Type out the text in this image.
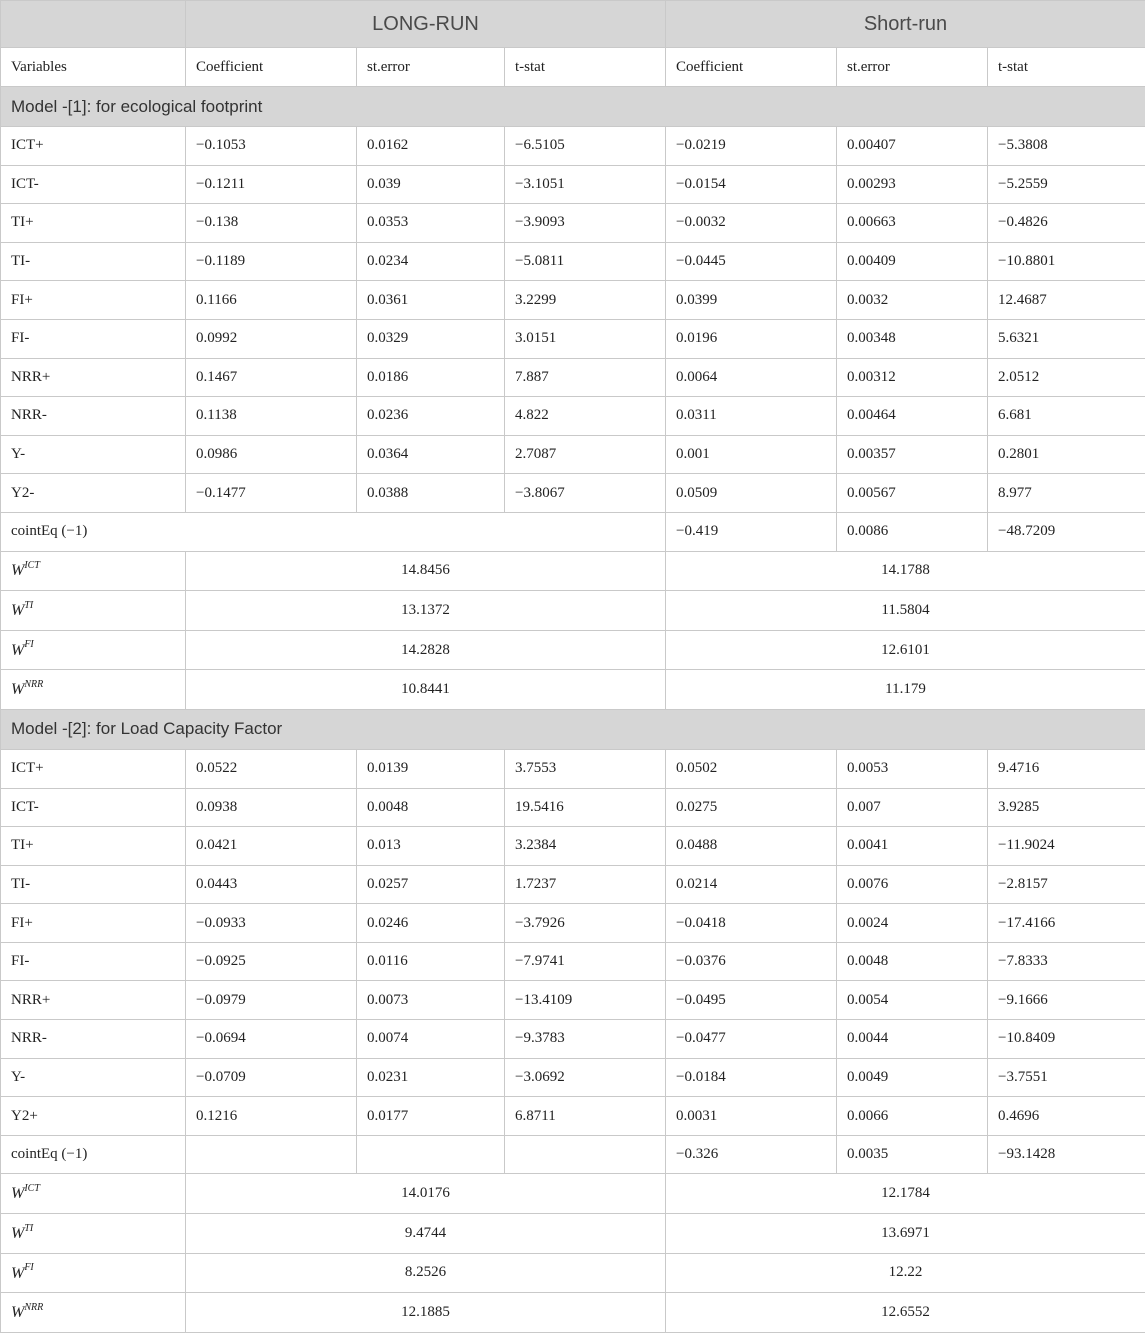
	LONG-RUN			Short-run		
Variables	Coefficient	st.error	t-stat	Coefficient	st.error	t-stat
Model -[1]: for ecological footprint						
ICT+	−0.1053	0.0162	−6.5105	−0.0219	0.00407	−5.3808
ICT-	−0.1211	0.039	−3.1051	−0.0154	0.00293	−5.2559
TI+	−0.138	0.0353	−3.9093	−0.0032	0.00663	−0.4826
TI-	−0.1189	0.0234	−5.0811	−0.0445	0.00409	−10.8801
FI+	0.1166	0.0361	3.2299	0.0399	0.0032	12.4687
FI-	0.0992	0.0329	3.0151	0.0196	0.00348	5.6321
NRR+	0.1467	0.0186	7.887	0.0064	0.00312	2.0512
NRR-	0.1138	0.0236	4.822	0.0311	0.00464	6.681
Y-	0.0986	0.0364	2.7087	0.001	0.00357	0.2801
Y2-	−0.1477	0.0388	−3.8067	0.0509	0.00567	8.977
cointEq (−1)				−0.419	0.0086	−48.7209
$W^{ICT}$	14.8456			14.1788		
$W^{TI}$	13.1372			11.5804		
$W^{FI}$	14.2828			12.6101		
$W^{NRR}$	10.8441			11.179		
Model -[2]: for Load Capacity Factor						
ICT+	0.0522	0.0139	3.7553	0.0502	0.0053	9.4716
ICT-	0.0938	0.0048	19.5416	0.0275	0.007	3.9285
TI+	0.0421	0.013	3.2384	0.0488	0.0041	−11.9024
TI-	0.0443	0.0257	1.7237	0.0214	0.0076	−2.8157
FI+	−0.0933	0.0246	−3.7926	−0.0418	0.0024	−17.4166
FI-	−0.0925	0.0116	−7.9741	−0.0376	0.0048	−7.8333
NRR+	−0.0979	0.0073	−13.4109	−0.0495	0.0054	−9.1666
NRR-	−0.0694	0.0074	−9.3783	−0.0477	0.0044	−10.8409
Y-	−0.0709	0.0231	−3.0692	−0.0184	0.0049	−3.7551
Y2+	0.1216	0.0177	6.8711	0.0031	0.0066	0.4696
cointEq (−1)				−0.326	0.0035	−93.1428
$W^{ICT}$	14.0176			12.1784		
$W^{TI}$	9.4744			13.6971		
$W^{FI}$	8.2526			12.22		
$W^{NRR}$	12.1885			12.6552		
